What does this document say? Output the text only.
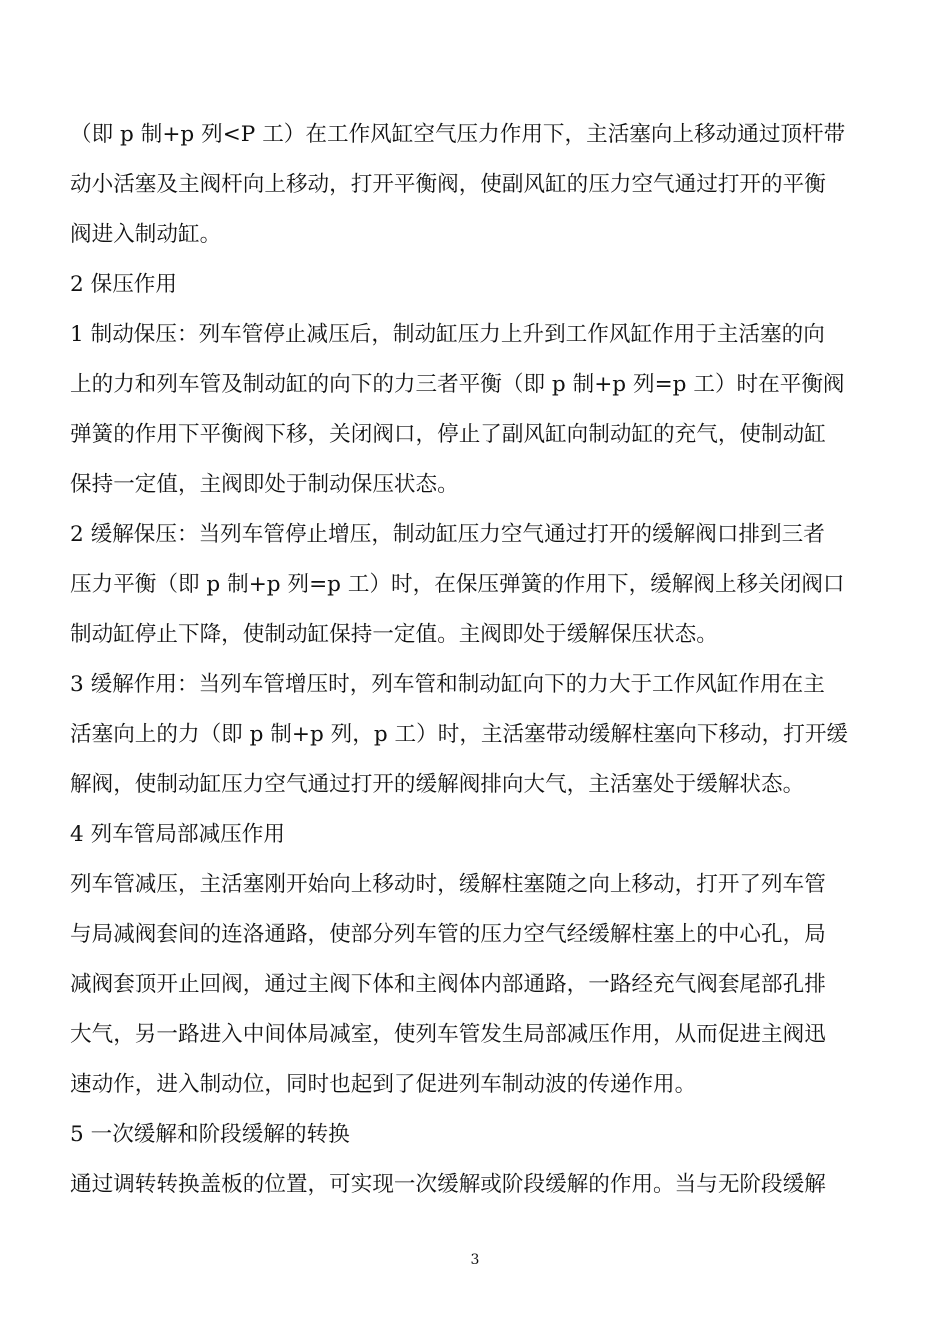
（即 p 制+p 列<P 工）在工作风缸空气压力作用下，主活塞向上移动通过顶杆带
动小活塞及主阀杆向上移动，打开平衡阀，使副风缸的压力空气通过打开的平衡
阀进入制动缸。
2 保压作用
1 制动保压：列车管停止减压后，制动缸压力上升到工作风缸作用于主活塞的向
上的力和列车管及制动缸的向下的力三者平衡（即 p 制+p 列=p 工）时在平衡阀
弹簧的作用下平衡阀下移，关闭阀口，停止了副风缸向制动缸的充气，使制动缸
保持一定值，主阀即处于制动保压状态。
2 缓解保压：当列车管停止增压，制动缸压力空气通过打开的缓解阀口排到三者
压力平衡（即 p 制+p 列=p 工）时，在保压弹簧的作用下，缓解阀上移关闭阀口
制动缸停止下降，使制动缸保持一定值。主阀即处于缓解保压状态。
3 缓解作用：当列车管增压时，列车管和制动缸向下的力大于工作风缸作用在主
活塞向上的力（即 p 制+p 列，p 工）时，主活塞带动缓解柱塞向下移动，打开缓
解阀，使制动缸压力空气通过打开的缓解阀排向大气，主活塞处于缓解状态。
4 列车管局部减压作用
列车管减压，主活塞刚开始向上移动时，缓解柱塞随之向上移动，打开了列车管
与局减阀套间的连洛通路，使部分列车管的压力空气经缓解柱塞上的中心孔，局
减阀套顶开止回阀，通过主阀下体和主阀体内部通路，一路经充气阀套尾部孔排
大气，另一路进入中间体局减室，使列车管发生局部减压作用，从而促进主阀迅
速动作，进入制动位，同时也起到了促进列车制动波的传递作用。
5 一次缓解和阶段缓解的转换
通过调转转换盖板的位置，可实现一次缓解或阶段缓解的作用。当与无阶段缓解
3
